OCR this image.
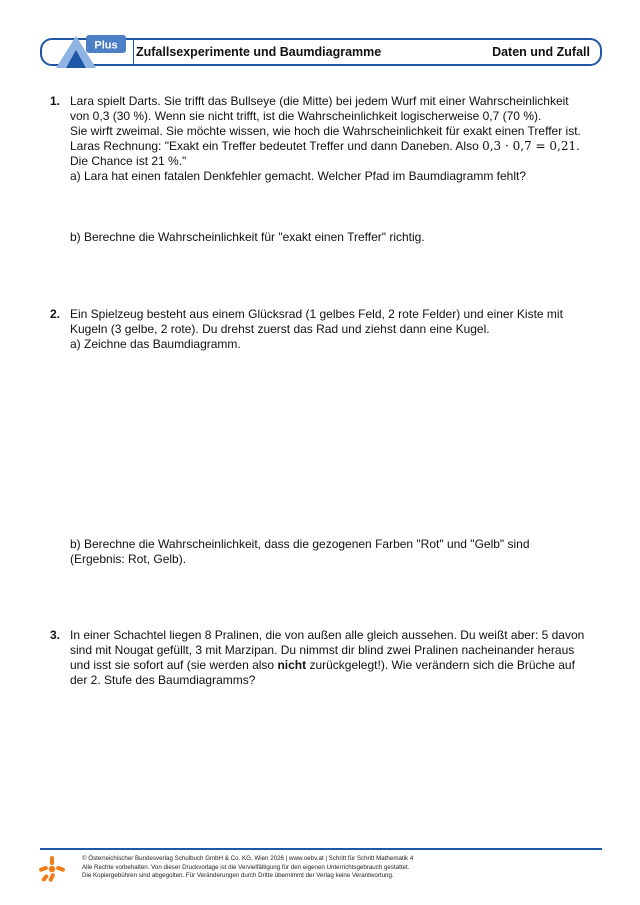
Plus Zufallsexperimente und Baumdiagramme	Daten und Zufall
1. Lara spielt Darts. Sie trifft das Bullseye (die Mitte) bei jedem Wurf mit einer Wahrscheinlichkeit
von 0,3 (30 %). Wenn sie nicht trifft, ist die Wahrscheinlichkeit logischerweise 0,7 (70 %).
Sie wirft zweimal. Sie möchte wissen, wie hoch die Wahrscheinlichkeit für exakt einen Treffer ist.
Laras Rechnung: "Exakt ein Treffer bedeutet Treffer und dann Daneben. Also 0,3 · 0,7 = 0,21.
Die Chance ist 21 %."
a) Lara hat einen fatalen Denkfehler gemacht. Welcher Pfad im Baumdiagramm fehlt?
b) Berechne die Wahrscheinlichkeit für "exakt einen Treffer" richtig.
2. Ein Spielzeug besteht aus einem Glücksrad (1 gelbes Feld, 2 rote Felder) und einer Kiste mit
Kugeln (3 gelbe, 2 rote). Du drehst zuerst das Rad und ziehst dann eine Kugel.
a) Zeichne das Baumdiagramm.
b) Berechne die Wahrscheinlichkeit, dass die gezogenen Farben "Rot" und "Gelb" sind
(Ergebnis: Rot, Gelb).
3. In einer Schachtel liegen 8 Pralinen, die von außen alle gleich aussehen. Du weißt aber: 5 davon
sind mit Nougat gefüllt, 3 mit Marzipan. Du nimmst dir blind zwei Pralinen nacheinander heraus
und isst sie sofort auf (sie werden also nicht zurückgelegt!). Wie verändern sich die Brüche auf
der 2. Stufe des Baumdiagramms?
© Österreichischer Bundesverlag Schulbuch GmbH & Co. KG, Wien 2026 | www.oebv.at | Schritt für Schritt Mathematik 4
Alle Rechte vorbehalten. Von dieser Druckvorlage ist die Vervielfältigung für den eigenen Unterrichtsgebrauch gestattet.
Die Kopiergebühren sind abgegolten. Für Veränderungen durch Dritte übernimmt der Verlag keine Verantwortung.
